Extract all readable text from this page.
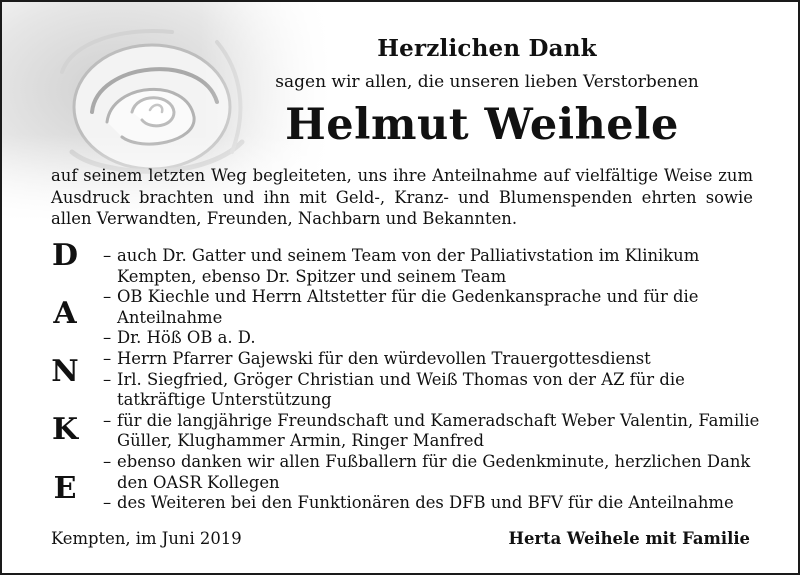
Herzlichen Dank
sagen wir allen, die unseren lieben Verstorbenen
Helmut Weihele
auf seinem letzten Weg begleiteten, uns ihre Anteilnahme auf vielfältige Weise zum Ausdruck brachten und ihn mit Geld-, Kranz- und Blumenspenden ehrten sowie allen Verwandten, Freunden, Nachbarn und Bekannten.
D
A
N
K
E
– auch Dr. Gatter und seinem Team von der Palliativstation im Klinikum Kempten, ebenso Dr. Spitzer und seinem Team
– OB Kiechle und Herrn Altstetter für die Gedenkansprache und für die Anteilnahme
– Dr. Höß OB a. D.
– Herrn Pfarrer Gajewski für den würdevollen Trauergottesdienst
– Irl. Siegfried, Gröger Christian und Weiß Thomas von der AZ für die tatkräftige Unterstützung
– für die langjährige Freundschaft und Kameradschaft Weber Valentin, Familie Güller, Klughammer Armin, Ringer Manfred
– ebenso danken wir allen Fußballern für die Gedenkminute, herzlichen Dank den OASR Kollegen
– des Weiteren bei den Funktionären des DFB und BFV für die Anteilnahme
Kempten, im Juni 2019	Herta Weihele mit Familie
